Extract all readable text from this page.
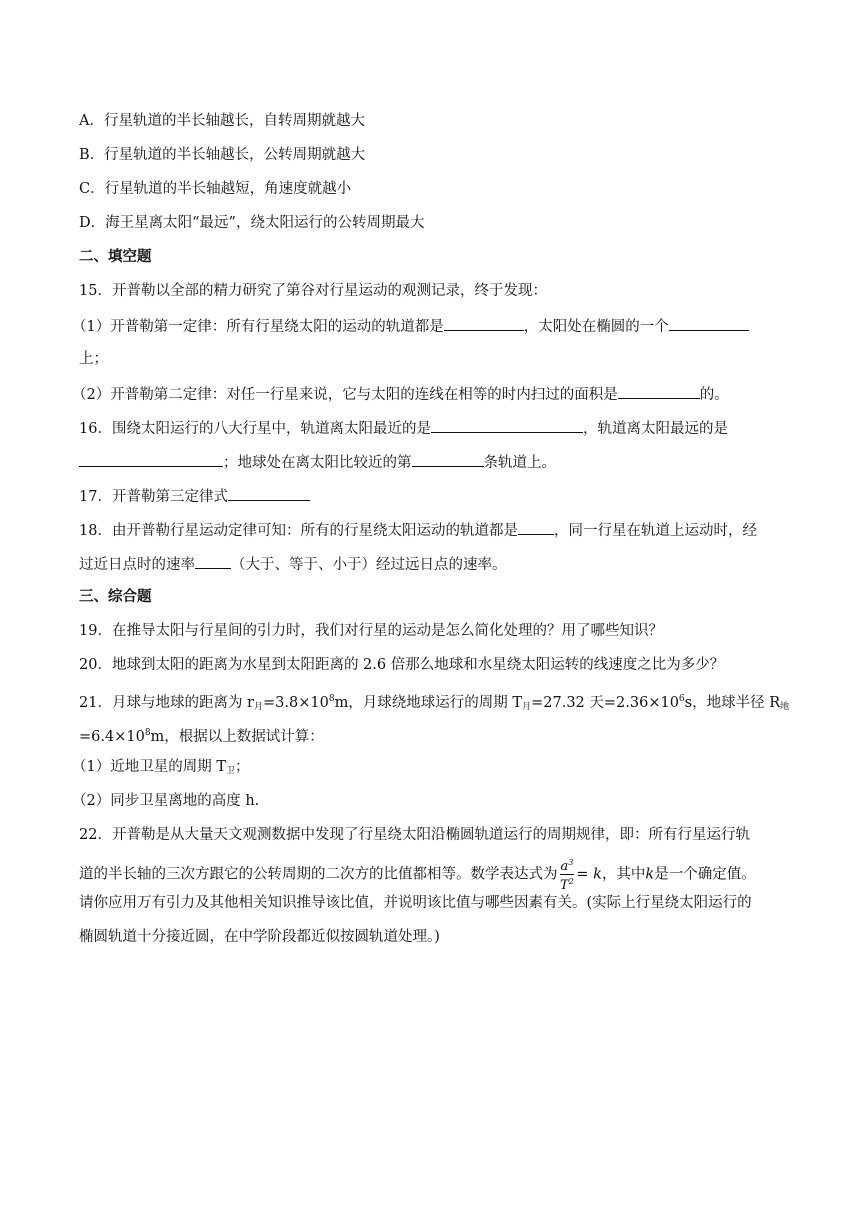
A．行星轨道的半长轴越长，自转周期就越大
B．行星轨道的半长轴越长，公转周期就越大
C．行星轨道的半长轴越短，角速度就越小
D．海王星离太阳“最远”，绕太阳运行的公转周期最大
二、填空题
15．开普勒以全部的精力研究了第谷对行星运动的观测记录，终于发现：
（1）开普勒第一定律：所有行星绕太阳的运动的轨道都是	，太阳处在椭圆的一个
上；
（2）开普勒第二定律：对任一行星来说，它与太阳的连线在相等的时内扫过的面积是	的。
16．围绕太阳运行的八大行星中，轨道离太阳最近的是	，轨道离太阳最远的是
；地球处在离太阳比较近的第	条轨道上。
17．开普勒第三定律式
18．由开普勒行星运动定律可知：所有的行星绕太阳运动的轨道都是 ，同一行星在轨道上运动时，经
过近日点时的速率 （大于、等于、小于）经过远日点的速率。
三、综合题
19．在推导太阳与行星间的引力时，我们对行星的运动是怎么简化处理的？用了哪些知识？
20．地球到太阳的距离为水星到太阳距离的 2.6 倍那么地球和水星绕太阳运转的线速度之比为多少？
21．月球与地球的距离为 $r_月=3.8\times 10^8m$，月球绕地球运行的周期 $T_月=27.32$ 天$=2.36\times 10^6s$，地球半径 $R_地$
$=6.4\times 10^8m$，根据以上数据试计算：
（1）近地卫星的周期 $T_卫$；
（2）同步卫星离地的高度 h.
22．开普勒是从大量天文观测数据中发现了行星绕太阳沿椭圆轨道运行的周期规律，即：所有行星运行轨
道的半长轴的三次方跟它的公转周期的二次方的比值都相等。数学表达式为 $\frac{a^3}{T^2} = k$，其中k是一个确定值。
请你应用万有引力及其他相关知识推导该比值，并说明该比值与哪些因素有关。(实际上行星绕太阳运行的
椭圆轨道十分接近圆，在中学阶段都近似按圆轨道处理。)
